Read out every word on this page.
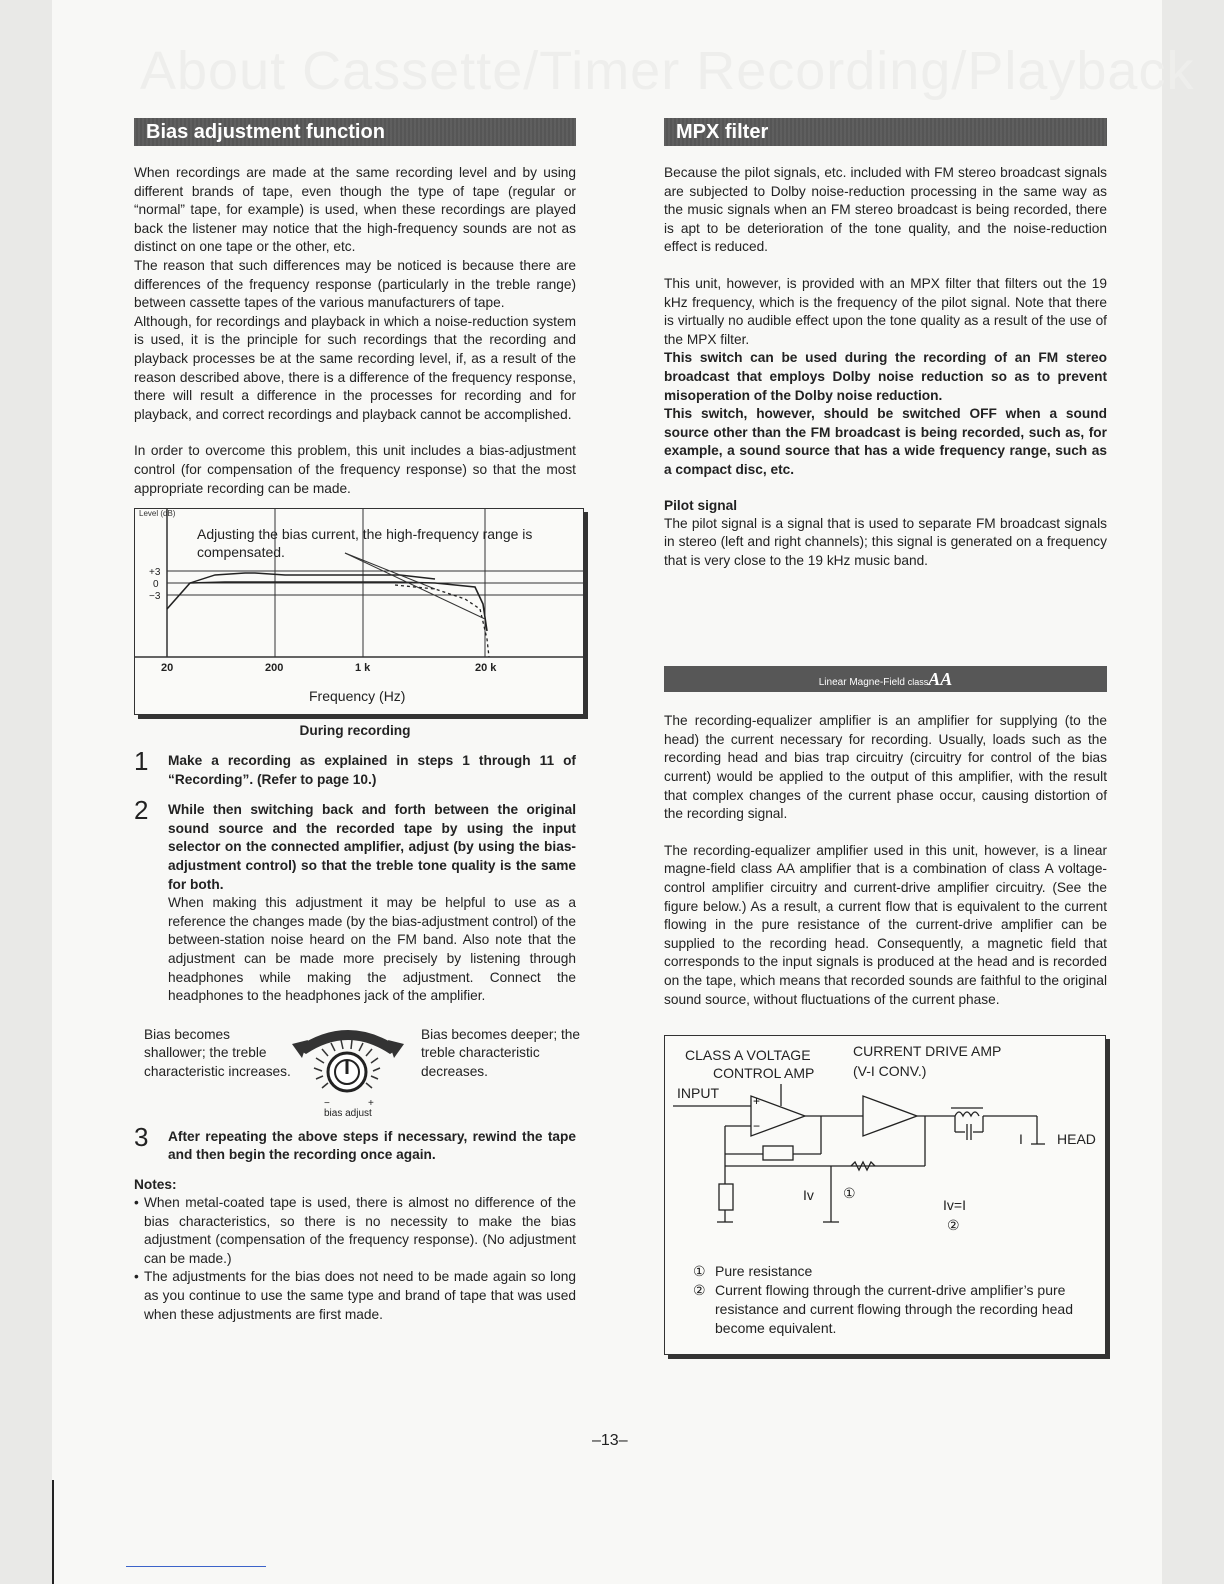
About Cassette/Timer Recording/Playback
Bias adjustment function

When recordings are made at the same recording level and by using different brands of tape, even though the type of tape (regular or “normal” tape, for example) is used, when these recordings are played back the listener may notice that the high-frequency sounds are not as distinct on one tape or the other, etc.

The reason that such differences may be noticed is because there are differences of the frequency response (particularly in the treble range) between cassette tapes of the various manufacturers of tape.

Although, for recordings and playback in which a noise-reduction system is used, it is the principle for such recordings that the recording and playback processes be at the same recording level, if, as a result of the reason described above, there is a difference of the frequency response, there will result a difference in the processes for recording and for playback, and correct recordings and playback cannot be accomplished.

In order to overcome this problem, this unit includes a bias-adjustment control (for compensation of the frequency response) so that the most appropriate recording can be made.

Level (dB)
+3
0
−3
20	200	1 k	20 k
Frequency (Hz)
Adjusting the bias current, the high-frequency range is compensated.
During recording
1 Make a recording as explained in steps 1 through 11 of “Recording”. (Refer to page 10.)
2 While then switching back and forth between the original sound source and the recorded tape by using the input selector on the connected amplifier, adjust (by using the bias-adjustment control) so that the treble tone quality is the same for both.
When making this adjustment it may be helpful to use as a reference the changes made (by the bias-adjustment control) of the between-station noise heard on the FM band. Also note that the adjustment can be made more precisely by listening through headphones while making the adjustment. Connect the headphones to the headphones jack of the amplifier.
Bias becomes shallower; the treble characteristic increases.
−	+
bias adjust
Bias becomes deeper; the treble characteristic decreases.
3 After repeating the above steps if necessary, rewind the tape and then begin the recording once again.
Notes:
• When metal-coated tape is used, there is almost no difference of the bias characteristics, so there is no necessity to make the bias adjustment (compensation of the frequency response). (No adjustment can be made.)
• The adjustments for the bias does not need to be made again so long as you continue to use the same type and brand of tape that was used when these adjustments are first made.
MPX filter

Because the pilot signals, etc. included with FM stereo broadcast signals are subjected to Dolby noise-reduction processing in the same way as the music signals when an FM stereo broadcast is being recorded, there is apt to be deterioration of the tone quality, and the noise-reduction effect is reduced.

This unit, however, is provided with an MPX filter that filters out the 19 kHz frequency, which is the frequency of the pilot signal. Note that there is virtually no audible effect upon the tone quality as a result of the use of the MPX filter.

This switch can be used during the recording of an FM stereo broadcast that employs Dolby noise reduction so as to prevent misoperation of the Dolby noise reduction.

This switch, however, should be switched OFF when a sound source other than the FM broadcast is being recorded, such as, for example, a sound source that has a wide frequency range, such as a compact disc, etc.

Pilot signal

The pilot signal is a signal that is used to separate FM broadcast signals in stereo (left and right channels); this signal is generated on a frequency that is very close to the 19 kHz music band.

Linear Magne-Field classAA

The recording-equalizer amplifier is an amplifier for supplying (to the head) the current necessary for recording. Usually, loads such as the recording head and bias trap circuitry (circuitry for control of the bias current) would be applied to the output of this amplifier, with the result that complex changes of the current phase occur, causing distortion of the recording signal.

The recording-equalizer amplifier used in this unit, however, is a linear magne-field class AA amplifier that is a combination of class A voltage-control amplifier circuitry and current-drive amplifier circuitry. (See the figure below.) As a result, a current flow that is equivalent to the current flowing in the pure resistance of the current-drive amplifier can be supplied to the recording head. Consequently, a magnetic field that corresponds to the input signals is produced at the head and is recorded on the tape, which means that recorded sounds are faithful to the original sound source, without fluctuations of the current phase.

+
−
CLASS A VOLTAGE
CONTROL AMP
CURRENT DRIVE AMP
(V-I CONV.)
INPUT
I HEAD
Iv ①
Iv=I
②
① Pure resistance
② Current flowing through the current-drive amplifier’s pure resistance and current flowing through the recording head become equivalent.
–13–
